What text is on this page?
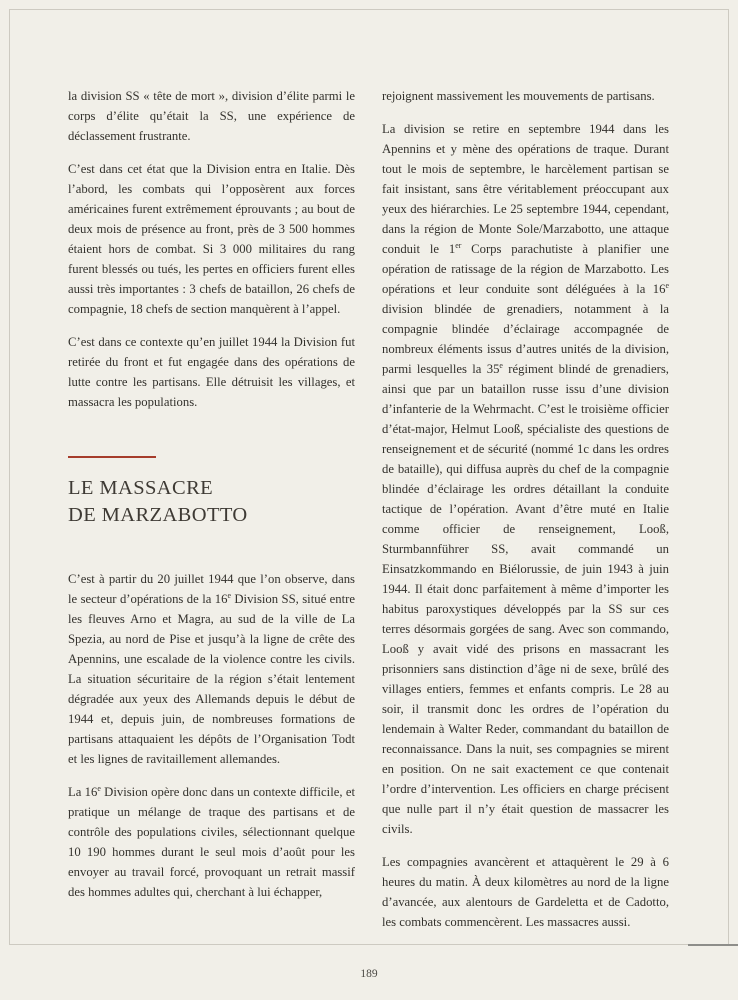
la division SS « tête de mort », division d’élite parmi le corps d’élite qu’était la SS, une expérience de déclassement frustrante.

C’est dans cet état que la Division entra en Italie. Dès l’abord, les combats qui l’opposèrent aux forces américaines furent extrêmement éprouvants ; au bout de deux mois de présence au front, près de 3 500 hommes étaient hors de combat. Si 3 000 militaires du rang furent blessés ou tués, les pertes en officiers furent elles aussi très importantes : 3 chefs de bataillon, 26 chefs de compagnie, 18 chefs de section manquèrent à l’appel.

C’est dans ce contexte qu’en juillet 1944 la Division fut retirée du front et fut engagée dans des opérations de lutte contre les partisans. Elle détruisit les villages, et massacra les populations.

LE MASSACRE
DE MARZABOTTO

C’est à partir du 20 juillet 1944 que l’on observe, dans le secteur d’opérations de la 16e Division SS, situé entre les fleuves Arno et Magra, au sud de la ville de La Spezia, au nord de Pise et jusqu’à la ligne de crête des Apennins, une escalade de la violence contre les civils. La situation sécuritaire de la région s’était lentement dégradée aux yeux des Allemands depuis le début de 1944 et, depuis juin, de nombreuses formations de partisans attaquaient les dépôts de l’Organisation Todt et les lignes de ravitaillement allemandes.

La 16e Division opère donc dans un contexte difficile, et pratique un mélange de traque des partisans et de contrôle des populations civiles, sélectionnant quelque 10 190 hommes durant le seul mois d’août pour les envoyer au travail forcé, provoquant un retrait massif des hommes adultes qui, cherchant à lui échapper,

rejoignent massivement les mouvements de partisans.

La division se retire en septembre 1944 dans les Apennins et y mène des opérations de traque. Durant tout le mois de septembre, le harcèlement partisan se fait insistant, sans être véritablement préoccupant aux yeux des hiérarchies. Le 25 septembre 1944, cependant, dans la région de Monte Sole/Marzabotto, une attaque conduit le 1er Corps parachutiste à planifier une opération de ratissage de la région de Marzabotto. Les opérations et leur conduite sont déléguées à la 16e division blindée de grenadiers, notamment à la compagnie blindée d’éclairage accompagnée de nombreux éléments issus d’autres unités de la division, parmi lesquelles la 35e régiment blindé de grenadiers, ainsi que par un bataillon russe issu d’une division d’infanterie de la Wehrmacht. C’est le troisième officier d’état-major, Helmut Looß, spécialiste des questions de renseignement et de sécurité (nommé 1c dans les ordres de bataille), qui diffusa auprès du chef de la compagnie blindée d’éclairage les ordres détaillant la conduite tactique de l’opération. Avant d’être muté en Italie comme officier de renseignement, Looß, Sturmbannführer SS, avait commandé un Einsatzkommando en Biélorussie, de juin 1943 à juin 1944. Il était donc parfaitement à même d’importer les habitus paroxystiques développés par la SS sur ces terres désormais gorgées de sang. Avec son commando, Looß y avait vidé des prisons en massacrant les prisonniers sans distinction d’âge ni de sexe, brûlé des villages entiers, femmes et enfants compris. Le 28 au soir, il transmit donc les ordres de l’opération du lendemain à Walter Reder, commandant du bataillon de reconnaissance. Dans la nuit, ses compagnies se mirent en position. On ne sait exactement ce que contenait l’ordre d’intervention. Les officiers en charge précisent que nulle part il n’y était question de massacrer les civils.

Les compagnies avancèrent et attaquèrent le 29 à 6 heures du matin. À deux kilomètres au nord de la ligne d’avancée, aux alentours de Gardeletta et de Cadotto, les combats commencèrent. Les massacres aussi.

189
